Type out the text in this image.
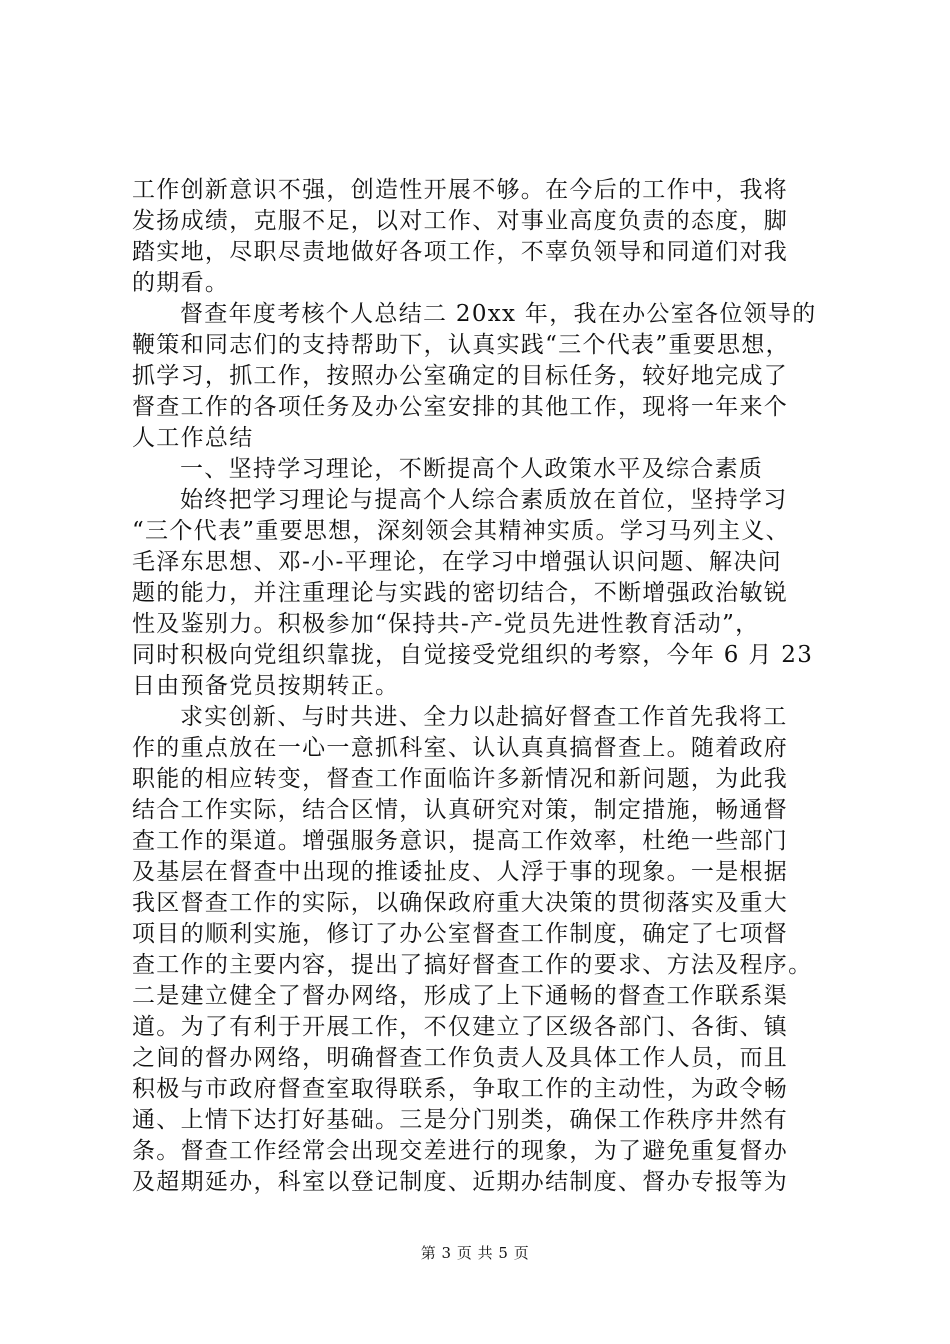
工作创新意识不强，创造性开展不够。在今后的工作中，我将
发扬成绩，克服不足，以对工作、对事业高度负责的态度，脚
踏实地，尽职尽责地做好各项工作，不辜负领导和同道们对我
的期看。
督查年度考核个人总结二 20xx 年，我在办公室各位领导的
鞭策和同志们的支持帮助下，认真实践“三个代表”重要思想，
抓学习，抓工作，按照办公室确定的目标任务，较好地完成了
督查工作的各项任务及办公室安排的其他工作，现将一年来个
人工作总结
一、坚持学习理论，不断提高个人政策水平及综合素质
始终把学习理论与提高个人综合素质放在首位，坚持学习
“三个代表”重要思想，深刻领会其精神实质。学习马列主义、
毛泽东思想、邓-小-平理论，在学习中增强认识问题、解决问
题的能力，并注重理论与实践的密切结合，不断增强政治敏锐
性及鉴别力。积极参加“保持共-产-党员先进性教育活动”，
同时积极向党组织靠拢，自觉接受党组织的考察，今年 6 月 23
日由预备党员按期转正。
求实创新、与时共进、全力以赴搞好督查工作首先我将工
作的重点放在一心一意抓科室、认认真真搞督查上。随着政府
职能的相应转变，督查工作面临许多新情况和新问题，为此我
结合工作实际，结合区情，认真研究对策，制定措施，畅通督
查工作的渠道。增强服务意识，提高工作效率，杜绝一些部门
及基层在督查中出现的推诿扯皮、人浮于事的现象。一是根据
我区督查工作的实际，以确保政府重大决策的贯彻落实及重大
项目的顺利实施，修订了办公室督查工作制度，确定了七项督
查工作的主要内容，提出了搞好督查工作的要求、方法及程序。
二是建立健全了督办网络，形成了上下通畅的督查工作联系渠
道。为了有利于开展工作，不仅建立了区级各部门、各街、镇
之间的督办网络，明确督查工作负责人及具体工作人员，而且
积极与市政府督查室取得联系，争取工作的主动性，为政令畅
通、上情下达打好基础。三是分门别类，确保工作秩序井然有
条。督查工作经常会出现交差进行的现象，为了避免重复督办
及超期延办，科室以登记制度、近期办结制度、督办专报等为
第 3 页 共 5 页
